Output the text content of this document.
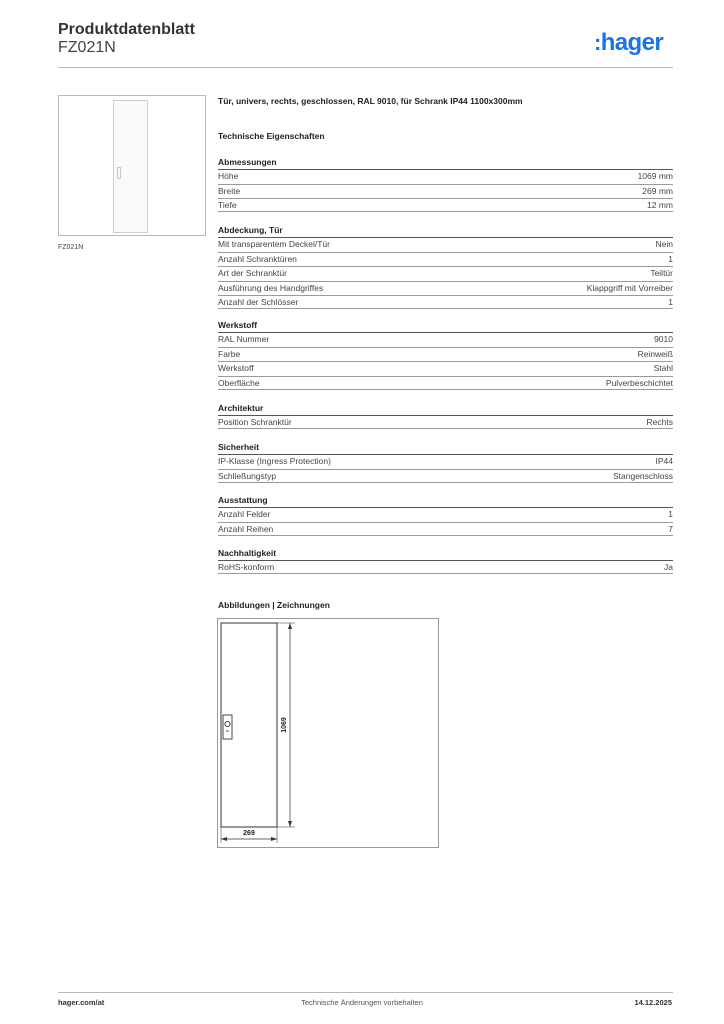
Produktdatenblatt
FZ021N	:hager
FZ021N
Tür, univers, rechts, geschlossen, RAL 9010, für Schrank IP44 1100x300mm
Technische Eigenschaften
Abmessungen
Höhe	1069 mm
Breite	269 mm
Tiefe	12 mm
Abdeckung, Tür
Mit transparentem Deckel/Tür	Nein
Anzahl Schranktüren	1
Art der Schranktür	Teiltür
Ausführung des Handgriffes	Klappgriff mit Vorreiber
Anzahl der Schlösser	1
Werkstoff
RAL Nummer	9010
Farbe	Reinweiß
Werkstoff	Stahl
Oberfläche	Pulverbeschichtet
Architektur
Position Schranktür	Rechts
Sicherheit
IP-Klasse (Ingress Protection)	IP44
Schließungstyp	Stangenschloss
Ausstattung
Anzahl Felder	1
Anzahl Reihen	7
Nachhaltigkeit
RoHS-konform	Ja
Abbildungen | Zeichnungen
1069
269
hager.com/at	Technische Änderungen vorbehalten	14.12.2025
